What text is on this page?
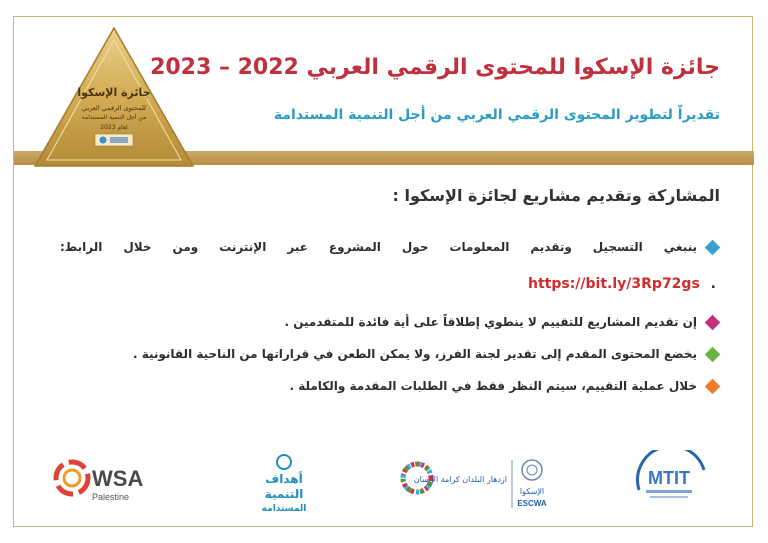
جائزة الإسكوا
للمحتوى الرقمي العربي
من أجل التنمية المستدامة
لعام 2023
جائزة الإسكوا للمحتوى الرقمي العربي 2022 – 2023
تقديراً لتطوير المحتوى الرقمي العربي من أجل التنمية المستدامة
المشاركة وتقديم مشاريع لجائزة الإسكوا :
ينبغي التسجيل وتقديم المعلومات حول المشروع عبر الإنترنت ومن خلال الرابط:
إن تقديم المشاريع للتقييم لا ينطوي إطلاقاً على أية فائدة للمتقدمين .
يخضع المحتوى المقدم إلى تقدير لجنة الفرز، ولا يمكن الطعن في قراراتها من الناحية القانونية .
خلال عملية التقييم، سيتم النظر فقط في الطلبات المقدمة والكاملة .
https://bit.ly/3Rp72gs .
WSA
Palestine
أهداف
التنمية
المستدامة
ازدهار البلدان كرامة الإنسان
الإسكوا
ESCWA
MTIT
